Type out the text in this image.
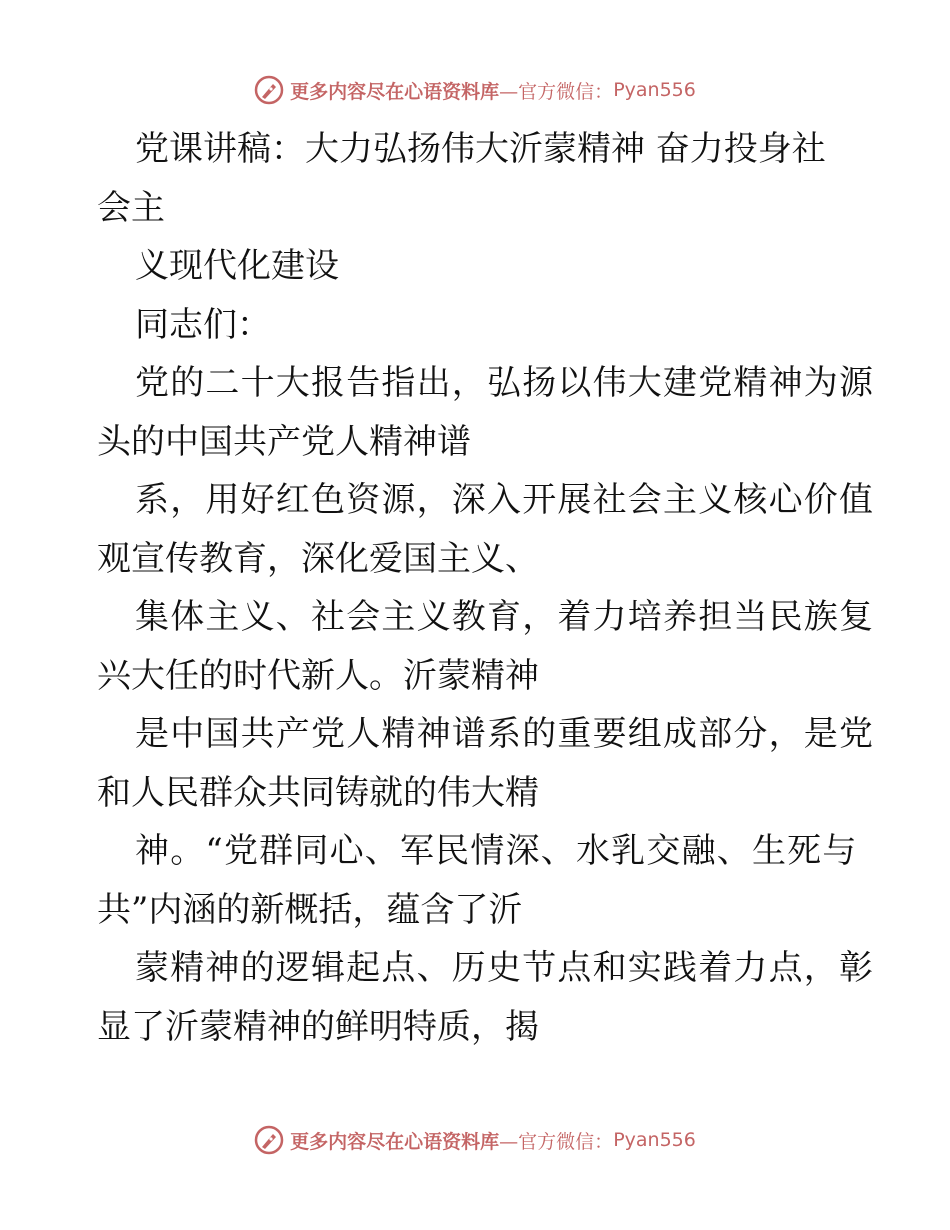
更多内容尽在心语资料库 —官方微信： Pyan556
党课讲稿：大力弘扬伟大沂蒙精神 奋力投身社
会主
义现代化建设
同志们：
党的二十大报告指出，弘扬以伟大建党精神为源
头的中国共产党人精神谱
系，用好红色资源，深入开展社会主义核心价值
观宣传教育，深化爱国主义、
集体主义、社会主义教育，着力培养担当民族复
兴大任的时代新人。沂蒙精神
是中国共产党人精神谱系的重要组成部分，是党
和人民群众共同铸就的伟大精
神。“党群同心、军民情深、水乳交融、生死与
共”内涵的新概括，蕴含了沂
蒙精神的逻辑起点、历史节点和实践着力点，彰
显了沂蒙精神的鲜明特质，揭
更多内容尽在心语资料库 —官方微信： Pyan556
